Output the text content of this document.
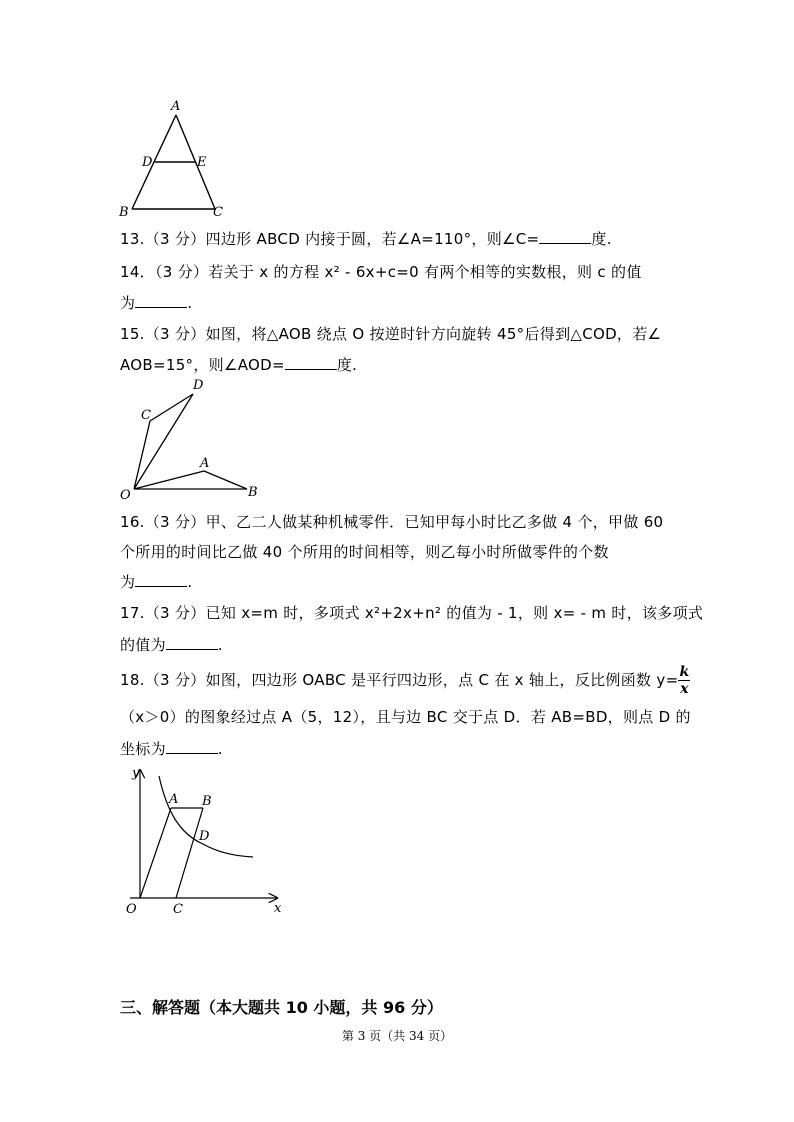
A
D	E
B	C
13.（3 分）四边形 ABCD 内接于圆，若∠A=110°，则∠C=	度.
14．（3 分）若关于 x 的方程 x² - 6x+c=0 有两个相等的实数根，则 c 的值
为	.
15.（3 分）如图，将△AOB 绕点 O 按逆时针方向旋转 45°后得到△COD，若∠
AOB=15°，则∠AOD=	度.
D
C
A
O	B
16.（3 分）甲、乙二人做某种机械零件．已知甲每小时比乙多做 4 个，甲做 60
个所用的时间比乙做 40 个所用的时间相等，则乙每小时所做零件的个数
为	.
17.（3 分）已知 x=m 时，多项式 x²+2x+n² 的值为 - 1，则 x= - m 时，该多项式
的值为	.
18.（3 分）如图，四边形 OABC 是平行四边形，点 C 在 x 轴上，反比例函数 $y= \frac{k}{x}$
（x＞0）的图象经过点 A（5，12），且与边 BC 交于点 D．若 AB=BD，则点 D 的
坐标为	.
y
A B
D
O	C	x
三、解答题（本大题共 10 小题，共 96 分）
第 3 页（共 34 页）
